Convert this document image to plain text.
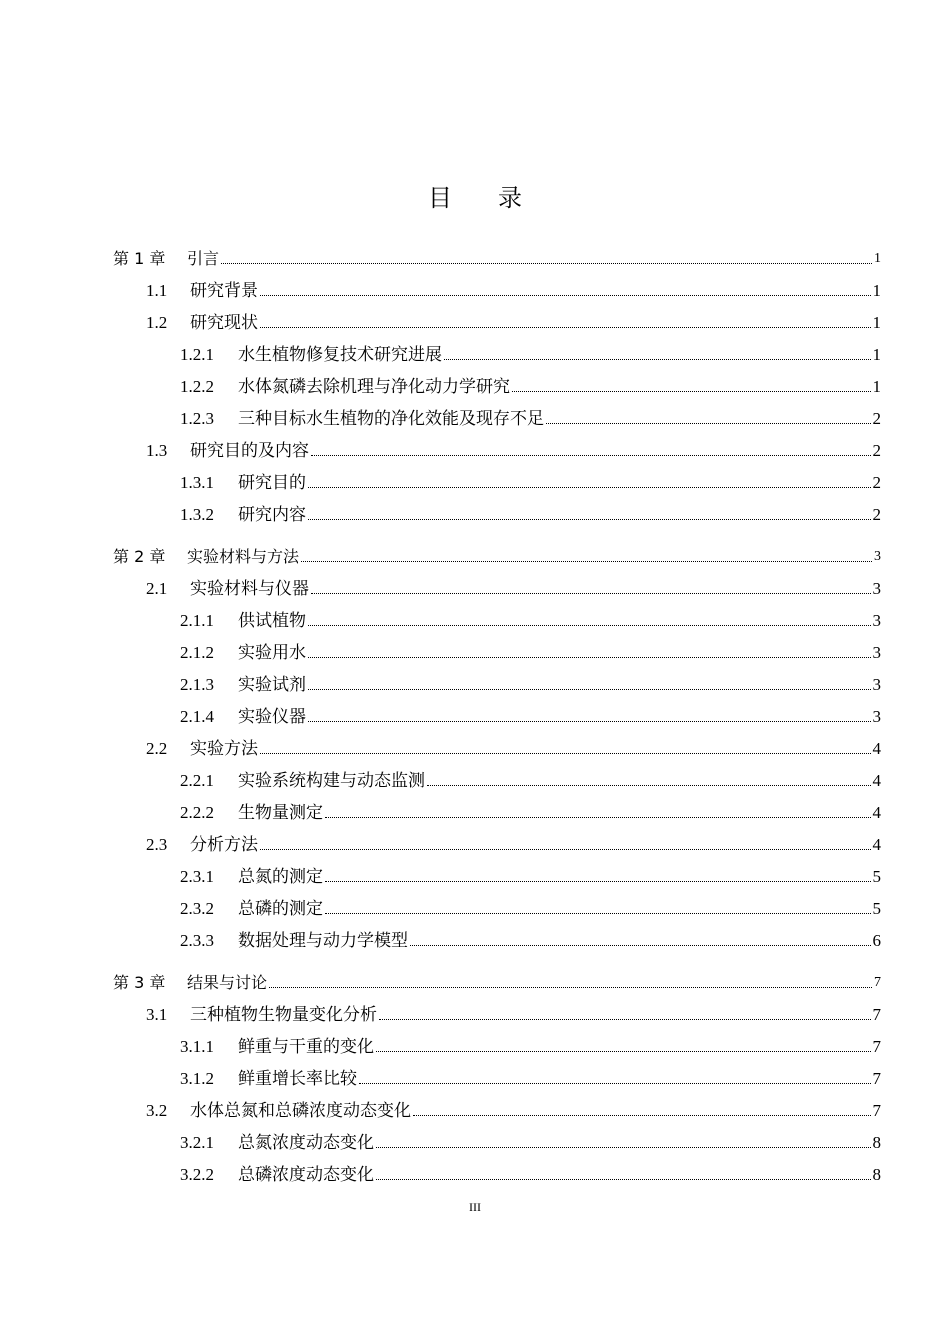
目 录
第 1 章	引言	1
1.1	研究背景	1
1.2	研究现状	1
1.2.1	水生植物修复技术研究进展	1
1.2.2	水体氮磷去除机理与净化动力学研究	1
1.2.3	三种目标水生植物的净化效能及现存不足	2
1.3	研究目的及内容	2
1.3.1	研究目的	2
1.3.2	研究内容	2
第 2 章	实验材料与方法	3
2.1	实验材料与仪器	3
2.1.1	供试植物	3
2.1.2	实验用水	3
2.1.3	实验试剂	3
2.1.4	实验仪器	3
2.2	实验方法	4
2.2.1	实验系统构建与动态监测	4
2.2.2	生物量测定	4
2.3	分析方法	4
2.3.1	总氮的测定	5
2.3.2	总磷的测定	5
2.3.3	数据处理与动力学模型	6
第 3 章	结果与讨论	7
3.1	三种植物生物量变化分析	7
3.1.1	鲜重与干重的变化	7
3.1.2	鲜重增长率比较	7
3.2	水体总氮和总磷浓度动态变化	7
3.2.1	总氮浓度动态变化	8
3.2.2	总磷浓度动态变化	8
III
